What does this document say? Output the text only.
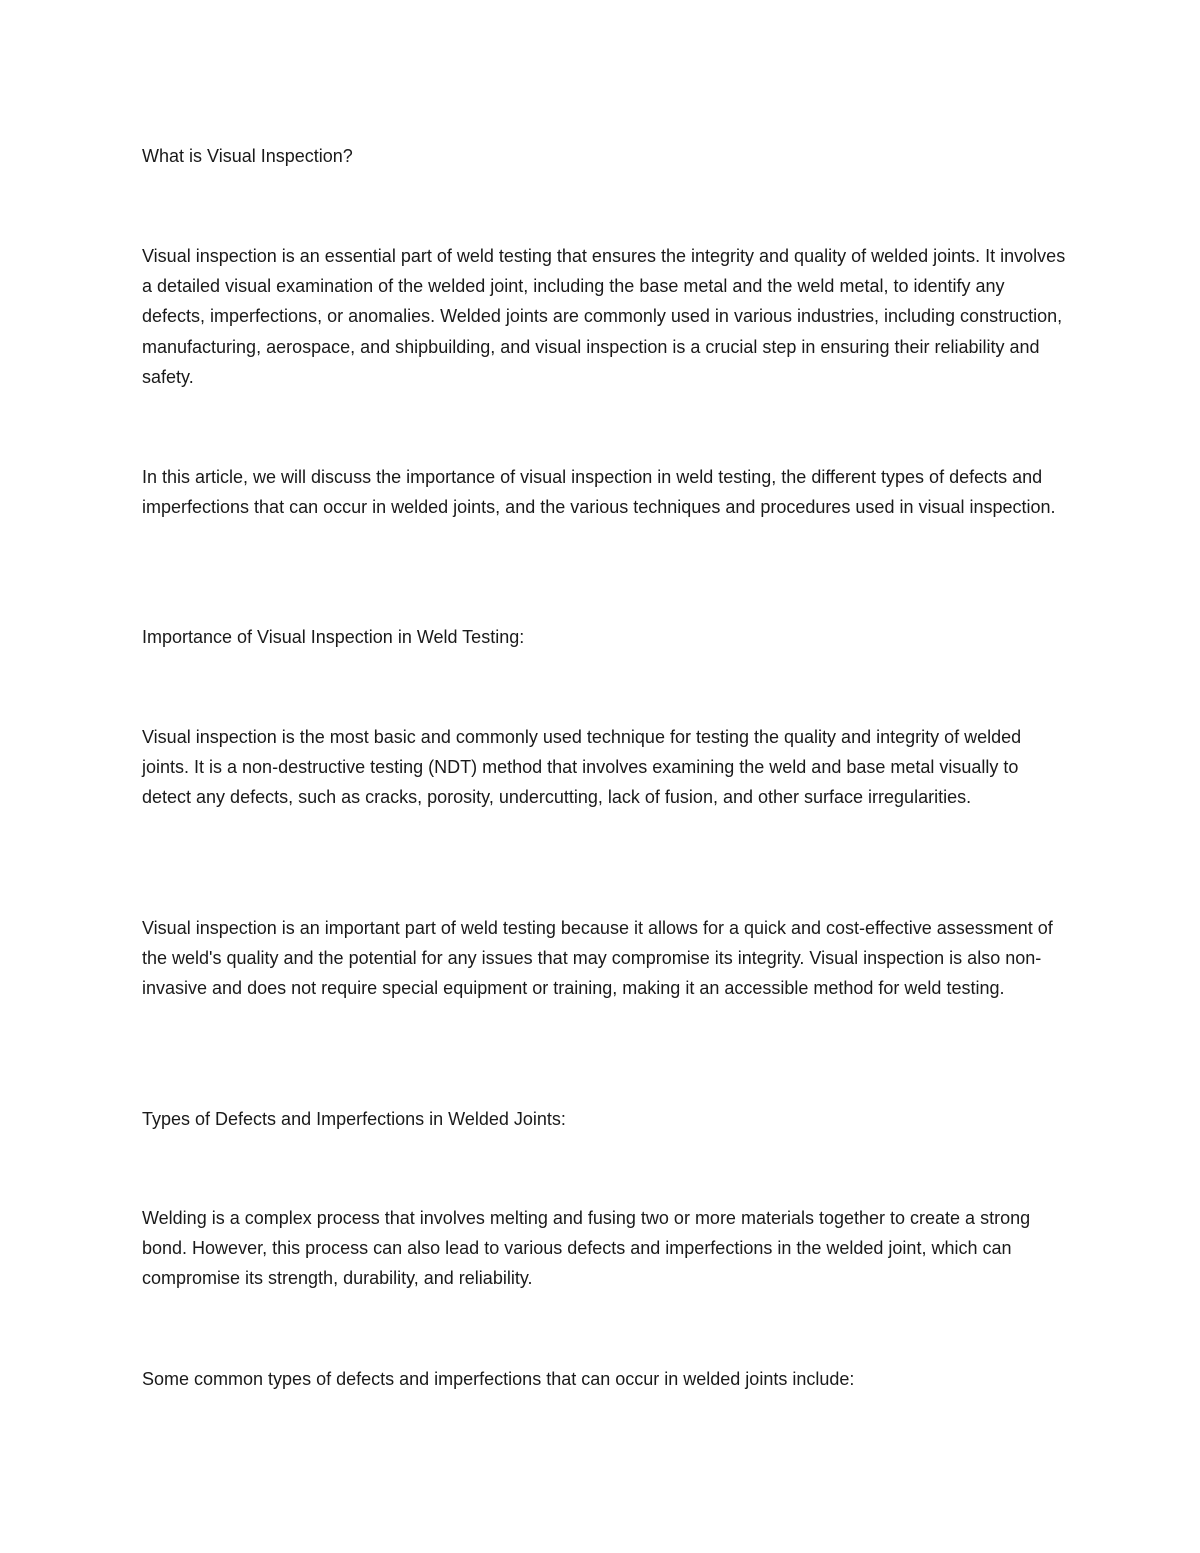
What is Visual Inspection?

Visual inspection is an essential part of weld testing that ensures the integrity and quality of welded joints. It involves a detailed visual examination of the welded joint, including the base metal and the weld metal, to identify any defects, imperfections, or anomalies. Welded joints are commonly used in various industries, including construction, manufacturing, aerospace, and shipbuilding, and visual inspection is a crucial step in ensuring their reliability and safety.

In this article, we will discuss the importance of visual inspection in weld testing, the different types of defects and imperfections that can occur in welded joints, and the various techniques and procedures used in visual inspection.

Importance of Visual Inspection in Weld Testing:

Visual inspection is the most basic and commonly used technique for testing the quality and integrity of welded joints. It is a non-destructive testing (NDT) method that involves examining the weld and base metal visually to detect any defects, such as cracks, porosity, undercutting, lack of fusion, and other surface irregularities.

Visual inspection is an important part of weld testing because it allows for a quick and cost-effective assessment of the weld's quality and the potential for any issues that may compromise its integrity. Visual inspection is also non-invasive and does not require special equipment or training, making it an accessible method for weld testing.

Types of Defects and Imperfections in Welded Joints:

Welding is a complex process that involves melting and fusing two or more materials together to create a strong bond. However, this process can also lead to various defects and imperfections in the welded joint, which can compromise its strength, durability, and reliability.

Some common types of defects and imperfections that can occur in welded joints include:
